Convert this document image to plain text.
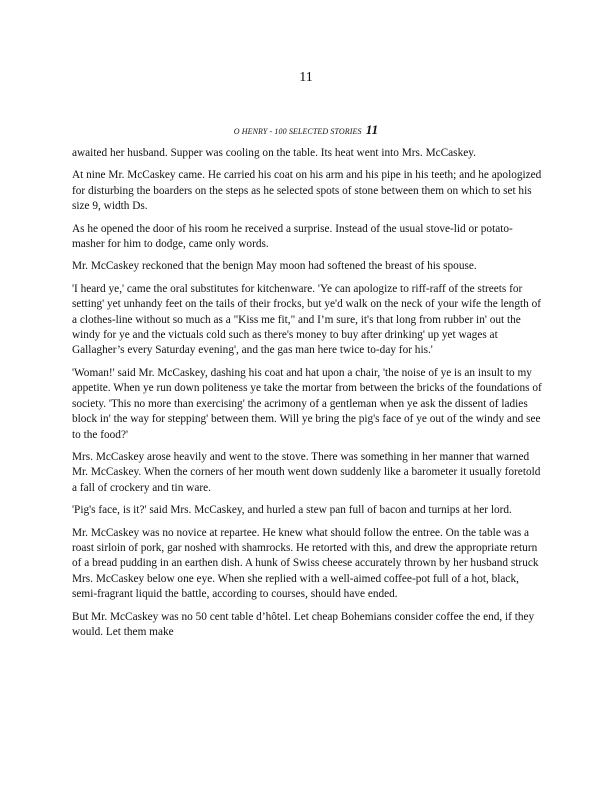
11
O HENRY - 100 SELECTED STORIES 11

awaited her husband. Supper was cooling on the table. Its heat went into Mrs. McCaskey.

At nine Mr. McCaskey came. He carried his coat on his arm and his pipe in his teeth; and he apologized for disturbing the boarders on the steps as he selected spots of stone between them on which to set his size 9, width Ds.

As he opened the door of his room he received a surprise. Instead of the usual stove-lid or potato-masher for him to dodge, came only words.

Mr. McCaskey reckoned that the benign May moon had softened the breast of his spouse.

'I heard ye,' came the oral substitutes for kitchenware. 'Ye can apologize to riff-raff of the streets for setting' yet unhandy feet on the tails of their frocks, but ye'd walk on the neck of your wife the length of a clothes-line without so much as a "Kiss me fit," and I’m sure, it's that long from rubber in' out the windy for ye and the victuals cold such as there's money to buy after drinking' up yet wages at Gallagher’s every Saturday evening', and the gas man here twice to-day for his.'

'Woman!' said Mr. McCaskey, dashing his coat and hat upon a chair, 'the noise of ye is an insult to my appetite. When ye run down politeness ye take the mortar from between the bricks of the foundations of society. 'This no more than exercising' the acrimony of a gentleman when ye ask the dissent of ladies block in' the way for stepping' between them. Will ye bring the pig's face of ye out of the windy and see to the food?'

Mrs. McCaskey arose heavily and went to the stove. There was something in her manner that warned Mr. McCaskey. When the corners of her mouth went down suddenly like a barometer it usually foretold a fall of crockery and tin ware.

'Pig's face, is it?' said Mrs. McCaskey, and hurled a stew pan full of bacon and turnips at her lord.

Mr. McCaskey was no novice at repartee. He knew what should follow the entree. On the table was a roast sirloin of pork, gar noshed with shamrocks. He retorted with this, and drew the appropriate return of a bread pudding in an earthen dish. A hunk of Swiss cheese accurately thrown by her husband struck Mrs. McCaskey below one eye. When she replied with a well-aimed coffee-pot full of a hot, black, semi-fragrant liquid the battle, according to courses, should have ended.

But Mr. McCaskey was no 50 cent table d’hôtel. Let cheap Bohemians consider coffee the end, if they would. Let them make
